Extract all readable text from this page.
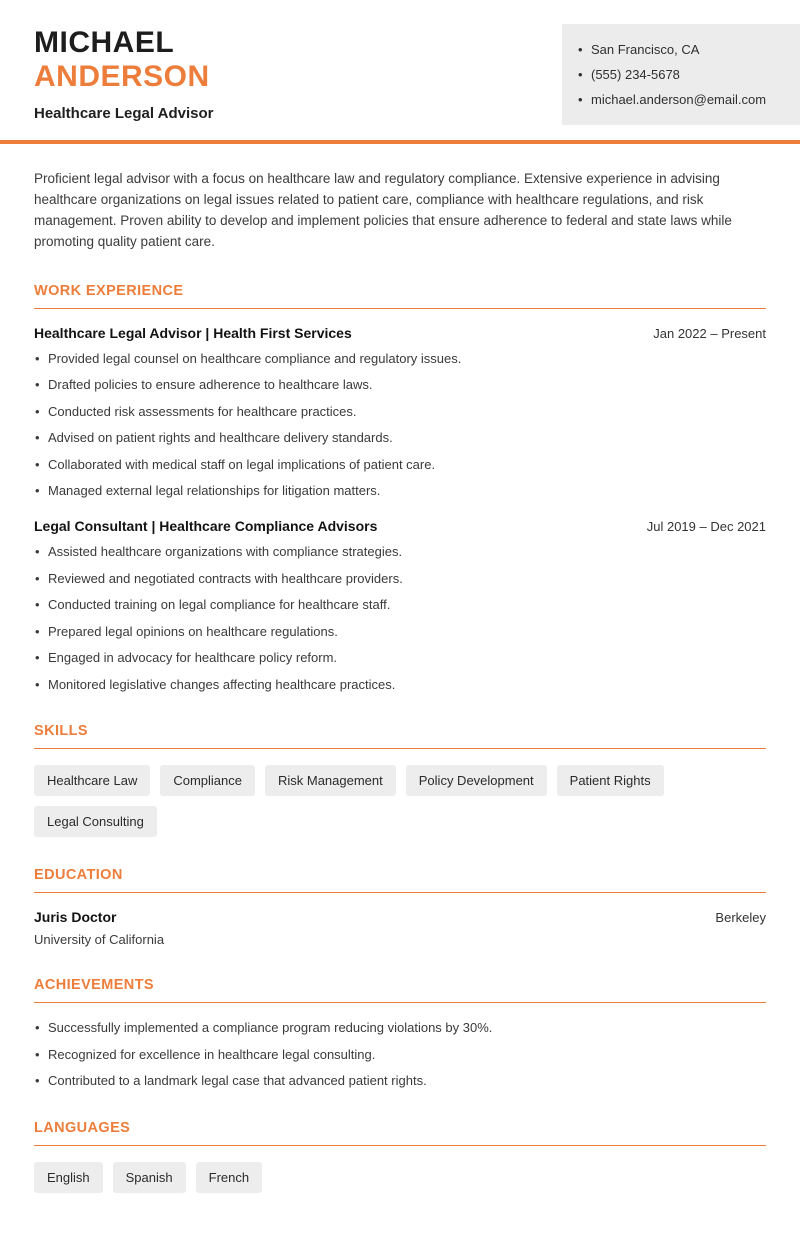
MICHAEL
ANDERSON
Healthcare Legal Advisor
• San Francisco, CA
• (555) 234-5678
• michael.anderson@email.com

Proficient legal advisor with a focus on healthcare law and regulatory compliance. Extensive experience in advising healthcare organizations on legal issues related to patient care, compliance with healthcare regulations, and risk management. Proven ability to develop and implement policies that ensure adherence to federal and state laws while promoting quality patient care.

WORK EXPERIENCE
Healthcare Legal Advisor | Health First Services	Jan 2022 – Present
• Provided legal counsel on healthcare compliance and regulatory issues.
• Drafted policies to ensure adherence to healthcare laws.
• Conducted risk assessments for healthcare practices.
• Advised on patient rights and healthcare delivery standards.
• Collaborated with medical staff on legal implications of patient care.
• Managed external legal relationships for litigation matters.
Legal Consultant | Healthcare Compliance Advisors	Jul 2019 – Dec 2021
• Assisted healthcare organizations with compliance strategies.
• Reviewed and negotiated contracts with healthcare providers.
• Conducted training on legal compliance for healthcare staff.
• Prepared legal opinions on healthcare regulations.
• Engaged in advocacy for healthcare policy reform.
• Monitored legislative changes affecting healthcare practices.
SKILLS
Healthcare Law	Compliance	Risk Management	Policy Development	Patient Rights
Legal Consulting
EDUCATION
Juris Doctor	Berkeley
University of California
ACHIEVEMENTS
• Successfully implemented a compliance program reducing violations by 30%.
• Recognized for excellence in healthcare legal consulting.
• Contributed to a landmark legal case that advanced patient rights.
LANGUAGES
English	Spanish	French
